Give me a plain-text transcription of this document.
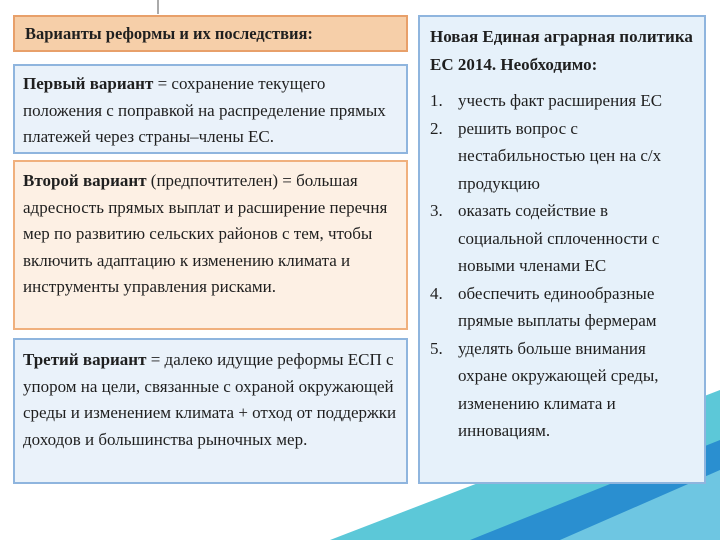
Варианты реформы и их последствия:
Первый вариант = сохранение текущего положения с поправкой на распределение прямых платежей через страны–члены ЕС.
Второй вариант (предпочтителен) = большая адресность прямых выплат и расширение перечня мер по развитию сельских районов с тем, чтобы включить адаптацию к изменению климата и инструменты управления рисками.
Третий вариант = далеко идущие реформы ЕСП с упором на цели, связанные с охраной окружающей среды и изменением климата + отход от поддержки доходов и большинства рыночных мер.
Новая Единая аграрная политика ЕС 2014. Необходимо:
1. учесть факт расширения ЕС
2. решить вопрос с нестабильностью цен на с/х продукцию
3. оказать содействие в социальной сплоченности с новыми членами ЕС
4. обеспечить единообразные прямые выплаты фермерам
5. уделять больше внимания охране окружающей среды, изменению климата и инновациям.
